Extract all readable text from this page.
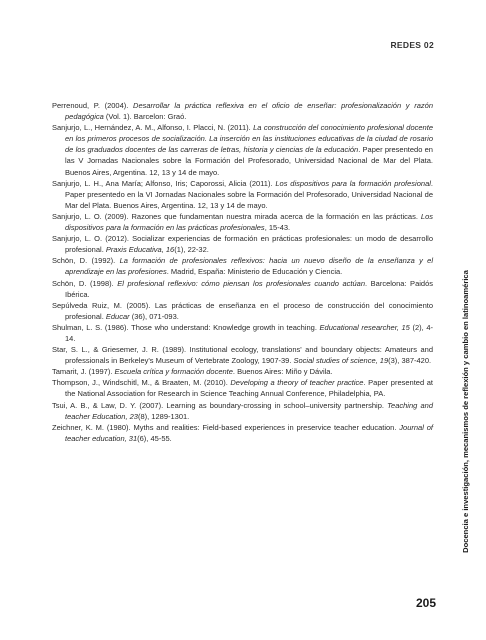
REDES 02

Perrenoud, P. (2004). Desarrollar la práctica reflexiva en el oficio de enseñar: profesionalización y razón pedagógica (Vol. 1). Barcelon: Graó.

Sanjurjo, L., Hernández, A. M., Alfonso, I. Placci, N. (2011). La construcción del conocimiento profesional docente en los primeros procesos de socialización. La inserción en las instituciones educativas de la ciudad de rosario de los graduados docentes de las carreras de letras, historia y ciencias de la educación. Paper presentedo en las V Jornadas Nacionales sobre la Formación del Profesorado, Universidad Nacional de Mar del Plata. Buenos Aires, Argentina. 12, 13 y 14 de mayo.

Sanjurjo, L. H., Ana María; Alfonso, Iris; Caporossi, Alicia (2011). Los dispositivos para la formación profesional. Paper presentedo en la VI Jornadas Nacionales sobre la Formación del Profesorado, Universidad Nacional de Mar del Plata. Buenos Aires, Argentina. 12, 13 y 14 de mayo.

Sanjurjo, L. O. (2009). Razones que fundamentan nuestra mirada acerca de la formación en las prácticas. Los dispositivos para la formación en las prácticas profesionales, 15-43.

Sanjurjo, L. O. (2012). Socializar experiencias de formación en prácticas profesionales: un modo de desarrollo profesional. Praxis Educativa, 16(1), 22-32.

Schön, D. (1992). La formación de profesionales reflexivos: hacia un nuevo diseño de la enseñanza y el aprendizaje en las profesiones. Madrid, España: Ministerio de Educación y Ciencia.

Schön, D. (1998). El profesional reflexivo: cómo piensan los profesionales cuando actúan. Barcelona: Paidós Ibérica.

Sepúlveda Ruiz, M. (2005). Las prácticas de enseñanza en el proceso de construcción del conocimiento profesional. Educar (36), 071-093.

Shulman, L. S. (1986). Those who understand: Knowledge growth in teaching. Educational researcher, 15 (2), 4-14.

Star, S. L., & Griesemer, J. R. (1989). Institutional ecology, translations' and boundary objects: Amateurs and professionals in Berkeley's Museum of Vertebrate Zoology, 1907-39. Social studies of science, 19(3), 387-420.

Tamarit, J. (1997). Escuela crítica y formación docente. Buenos Aires: Miño y Dávila.

Thompson, J., Windschitl, M., & Braaten, M. (2010). Developing a theory of teacher practice. Paper presented at the National Association for Research in Science Teaching Annual Conference, Philadelphia, PA.

Tsui, A. B., & Law, D. Y. (2007). Learning as boundary-crossing in school–university partnership. Teaching and teacher Education, 23(8), 1289-1301.

Zeichner, K. M. (1980). Myths and realities: Field-based experiences in preservice teacher education. Journal of teacher education, 31(6), 45-55.	Docencia e investigación, mecanismos de reflexión y cambio en latinoamérica
205
